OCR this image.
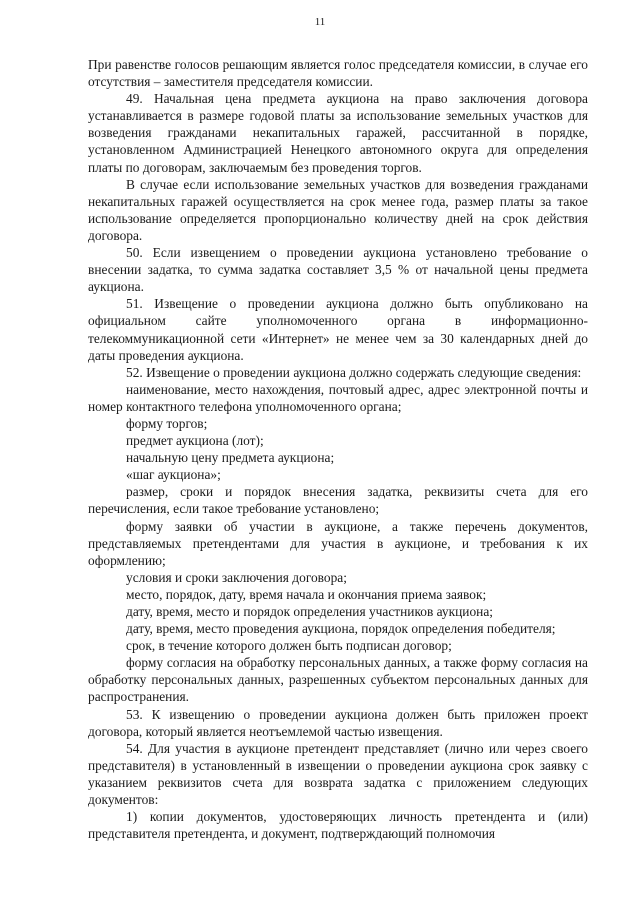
11

При равенстве голосов решающим является голос председателя комиссии, в случае его отсутствия – заместителя председателя комиссии.

49. Начальная цена предмета аукциона на право заключения договора устанавливается в размере годовой платы за использование земельных участков для возведения гражданами некапитальных гаражей, рассчитанной в порядке, установленном Администрацией Ненецкого автономного округа для определения платы по договорам, заключаемым без проведения торгов.

В случае если использование земельных участков для возведения гражданами некапитальных гаражей осуществляется на срок менее года, размер платы за такое использование определяется пропорционально количеству дней на срок действия договора.

50. Если извещением о проведении аукциона установлено требование о внесении задатка, то сумма задатка составляет 3,5 % от начальной цены предмета аукциона.

51. Извещение о проведении аукциона должно быть опубликовано на официальном сайте уполномоченного органа в информационно-телекоммуникационной сети «Интернет» не менее чем за 30 календарных дней до даты проведения аукциона.

52. Извещение о проведении аукциона должно содержать следующие сведения:

наименование, место нахождения, почтовый адрес, адрес электронной почты и номер контактного телефона уполномоченного органа;

форму торгов;

предмет аукциона (лот);

начальную цену предмета аукциона;

«шаг аукциона»;

размер, сроки и порядок внесения задатка, реквизиты счета для его перечисления, если такое требование установлено;

форму заявки об участии в аукционе, а также перечень документов, представляемых претендентами для участия в аукционе, и требования к их оформлению;

условия и сроки заключения договора;

место, порядок, дату, время начала и окончания приема заявок;

дату, время, место и порядок определения участников аукциона;

дату, время, место проведения аукциона, порядок определения победителя;

срок, в течение которого должен быть подписан договор;

форму согласия на обработку персональных данных, а также форму согласия на обработку персональных данных, разрешенных субъектом персональных данных для распространения.

53. К извещению о проведении аукциона должен быть приложен проект договора, который является неотъемлемой частью извещения.

54. Для участия в аукционе претендент представляет (лично или через своего представителя) в установленный в извещении о проведении аукциона срок заявку с указанием реквизитов счета для возврата задатка с приложением следующих документов:

1) копии документов, удостоверяющих личность претендента и (или) представителя претендента, и документ, подтверждающий полномочия
